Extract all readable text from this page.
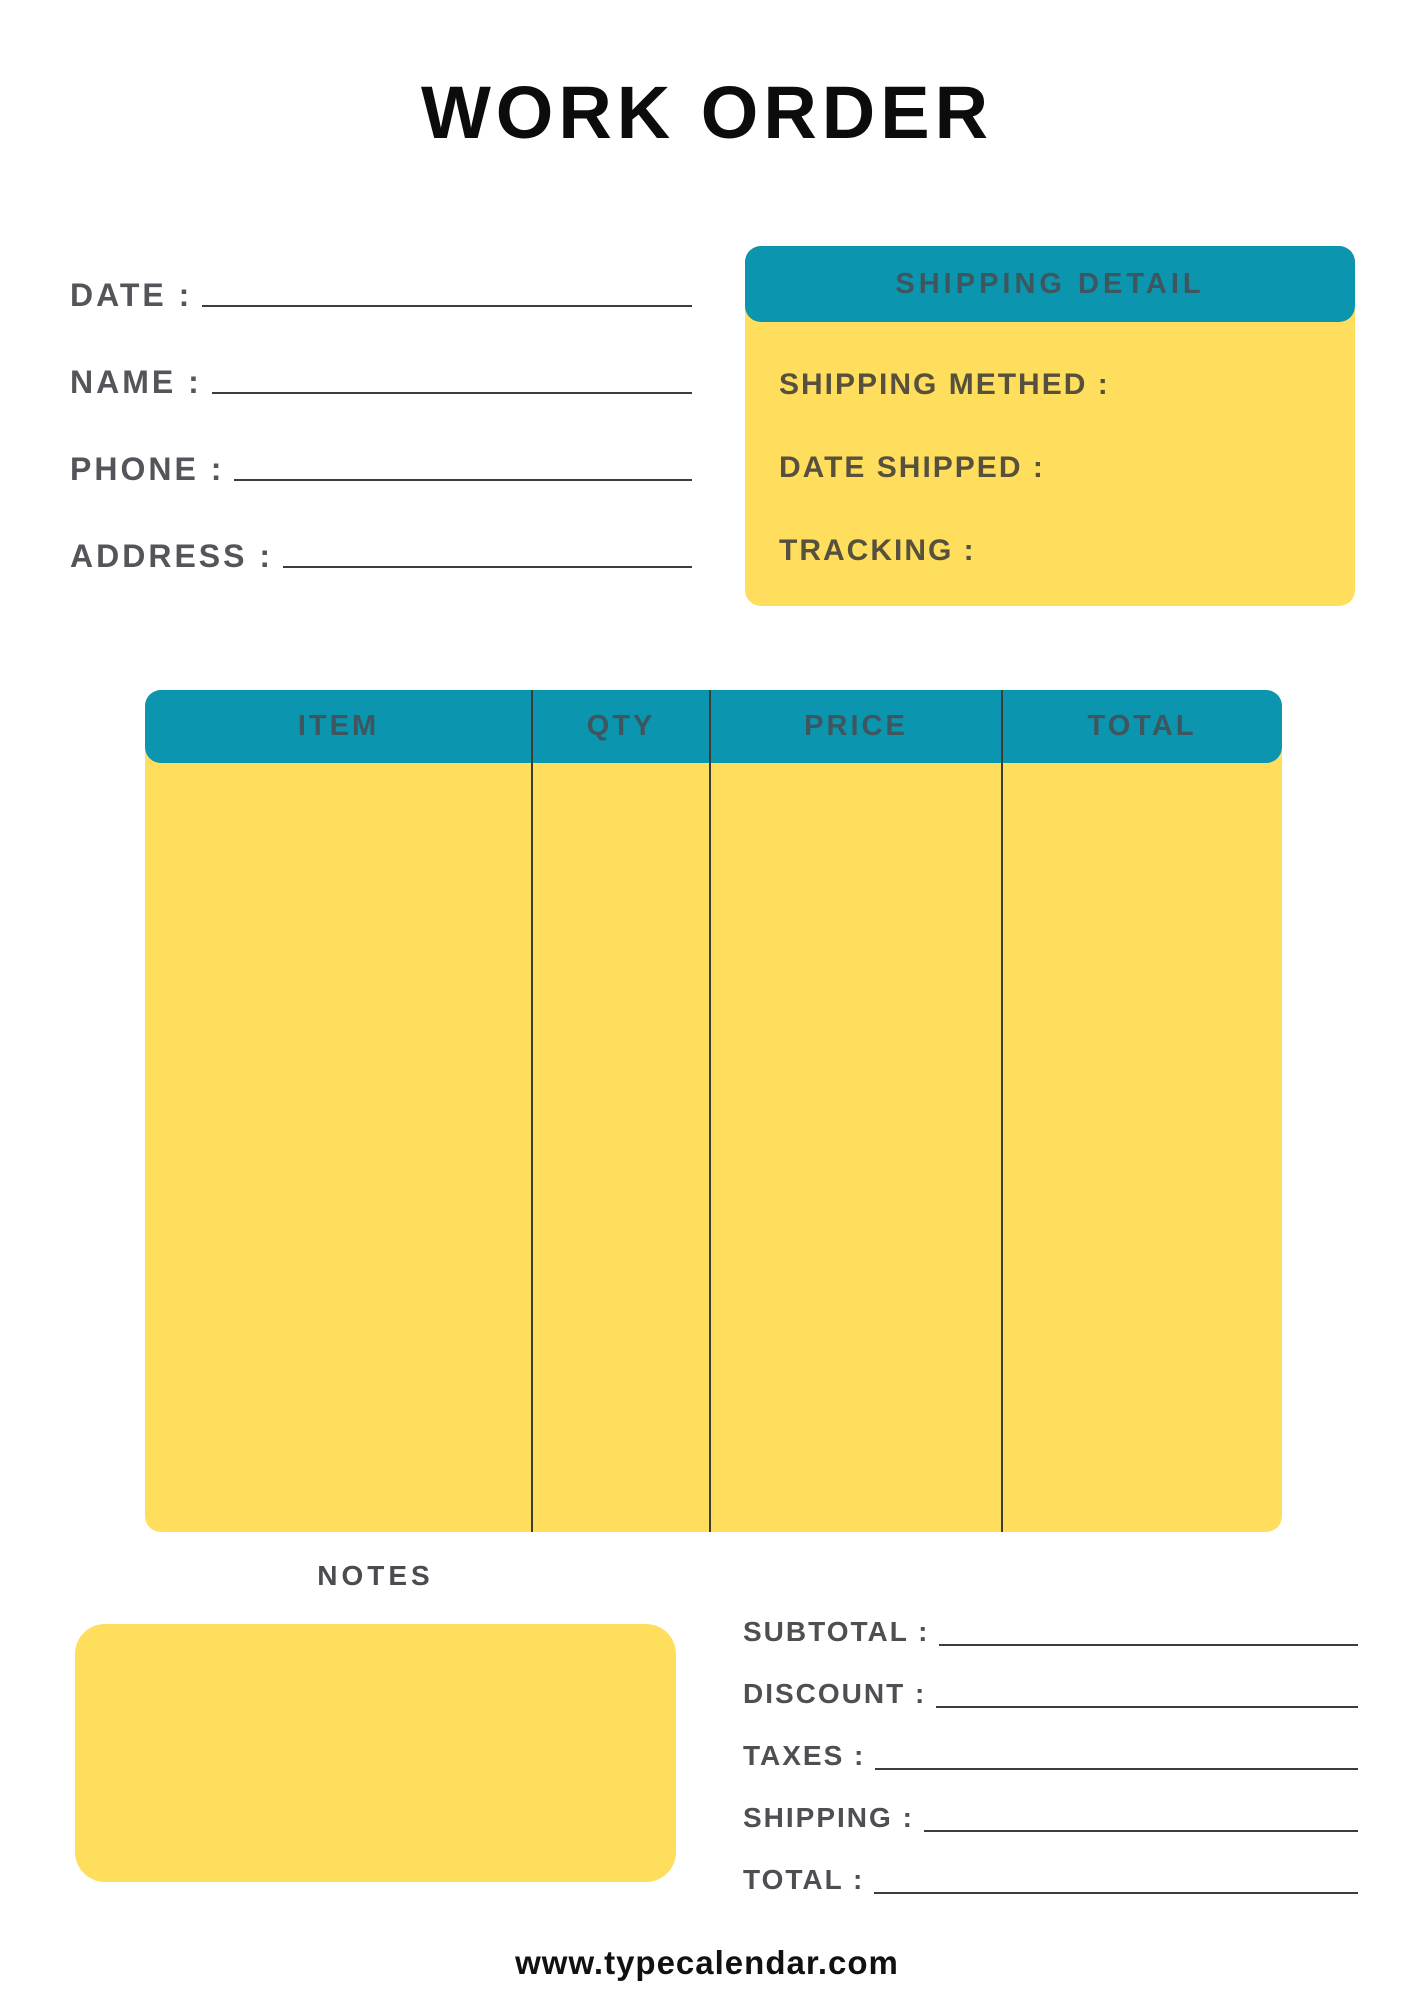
WORK ORDER
DATE :
NAME :
PHONE :
ADDRESS :
SHIPPING DETAIL
SHIPPING METHED :
DATE SHIPPED :
TRACKING :
ITEM	QTY	PRICE	TOTAL
NOTES
SUBTOTAL :
DISCOUNT :
TAXES :
SHIPPING :
TOTAL :
www.typecalendar.com
